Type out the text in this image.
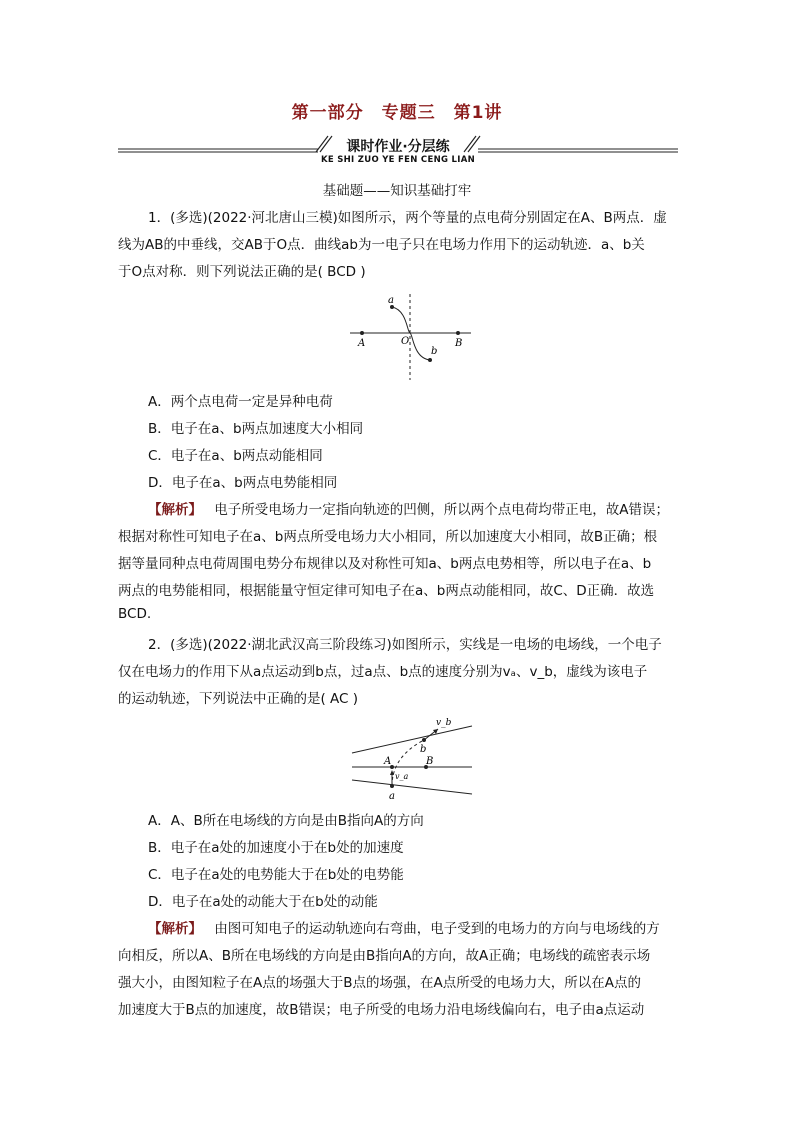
第一部分　专题三　第1讲
课时作业·分层练
KE SHI ZUO YE FEN CENG LIAN
基础题——知识基础打牢
1．(多选)(2022·河北唐山三模)如图所示，两个等量的点电荷分别固定在A、B两点．虚
线为AB的中垂线，交AB于O点．曲线ab为一电子只在电场力作用下的运动轨迹．a、b关
于O点对称．则下列说法正确的是( BCD )
a
b
A	O	B
A．两个点电荷一定是异种电荷
B．电子在a、b两点加速度大小相同
C．电子在a、b两点动能相同
D．电子在a、b两点电势能相同
【解析】 电子所受电场力一定指向轨迹的凹侧，所以两个点电荷均带正电，故A错误；
根据对称性可知电子在a、b两点所受电场力大小相同，所以加速度大小相同，故B正确；根
据等量同种点电荷周围电势分布规律以及对称性可知a、b两点电势相等，所以电子在a、b
两点的电势能相同，根据能量守恒定律可知电子在a、b两点动能相同，故C、D正确．故选
BCD.
2．(多选)(2022·湖北武汉高三阶段练习)如图所示，实线是一电场的电场线，一个电子
仅在电场力的作用下从a点运动到b点，过a点、b点的速度分别为vₐ、v_b，虚线为该电子
的运动轨迹，下列说法中正确的是( AC )
v_b
b
A	B
v_a
a
A．A、B所在电场线的方向是由B指向A的方向
B．电子在a处的加速度小于在b处的加速度
C．电子在a处的电势能大于在b处的电势能
D．电子在a处的动能大于在b处的动能
【解析】 由图可知电子的运动轨迹向右弯曲，电子受到的电场力的方向与电场线的方
向相反，所以A、B所在电场线的方向是由B指向A的方向，故A正确；电场线的疏密表示场
强大小，由图知粒子在A点的场强大于B点的场强，在A点所受的电场力大，所以在A点的
加速度大于B点的加速度，故B错误；电子所受的电场力沿电场线偏向右，电子由a点运动
